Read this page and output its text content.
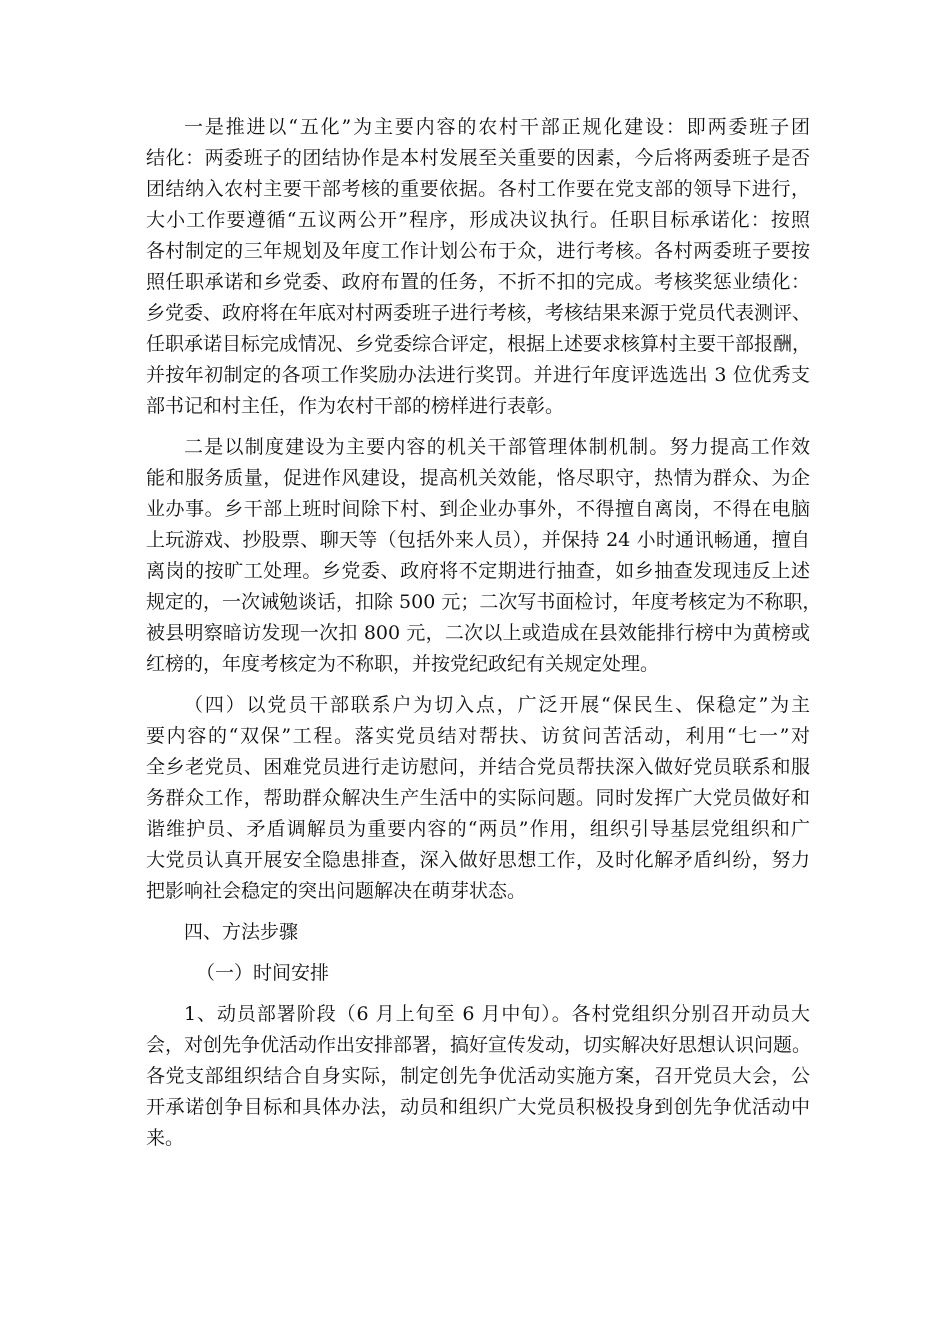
一是推进以“五化”为主要内容的农村干部正规化建设：即两委班子团
结化：两委班子的团结协作是本村发展至关重要的因素，今后将两委班子是否
团结纳入农村主要干部考核的重要依据。各村工作要在党支部的领导下进行，
大小工作要遵循“五议两公开”程序，形成决议执行。任职目标承诺化：按照
各村制定的三年规划及年度工作计划公布于众，进行考核。各村两委班子要按
照任职承诺和乡党委、政府布置的任务，不折不扣的完成。考核奖惩业绩化：
乡党委、政府将在年底对村两委班子进行考核，考核结果来源于党员代表测评、
任职承诺目标完成情况、乡党委综合评定，根据上述要求核算村主要干部报酬，
并按年初制定的各项工作奖励办法进行奖罚。并进行年度评选选出 3 位优秀支
部书记和村主任，作为农村干部的榜样进行表彰。
二是以制度建设为主要内容的机关干部管理体制机制。努力提高工作效
能和服务质量，促进作风建设，提高机关效能，恪尽职守，热情为群众、为企
业办事。乡干部上班时间除下村、到企业办事外，不得擅自离岗，不得在电脑
上玩游戏、抄股票、聊天等（包括外来人员），并保持 24 小时通讯畅通，擅自
离岗的按旷工处理。乡党委、政府将不定期进行抽查，如乡抽查发现违反上述
规定的，一次诫勉谈话，扣除 500 元；二次写书面检讨，年度考核定为不称职，
被县明察暗访发现一次扣 800 元，二次以上或造成在县效能排行榜中为黄榜或
红榜的，年度考核定为不称职，并按党纪政纪有关规定处理。
（四）以党员干部联系户为切入点，广泛开展“保民生、保稳定”为主
要内容的“双保”工程。落实党员结对帮扶、访贫问苦活动，利用“七一”对
全乡老党员、困难党员进行走访慰问，并结合党员帮扶深入做好党员联系和服
务群众工作，帮助群众解决生产生活中的实际问题。同时发挥广大党员做好和
谐维护员、矛盾调解员为重要内容的“两员”作用，组织引导基层党组织和广
大党员认真开展安全隐患排查，深入做好思想工作，及时化解矛盾纠纷，努力
把影响社会稳定的突出问题解决在萌芽状态。
四、方法步骤
（一）时间安排
1、动员部署阶段（6 月上旬至 6 月中旬）。各村党组织分别召开动员大
会，对创先争优活动作出安排部署，搞好宣传发动，切实解决好思想认识问题。
各党支部组织结合自身实际，制定创先争优活动实施方案，召开党员大会，公
开承诺创争目标和具体办法，动员和组织广大党员积极投身到创先争优活动中
来。
